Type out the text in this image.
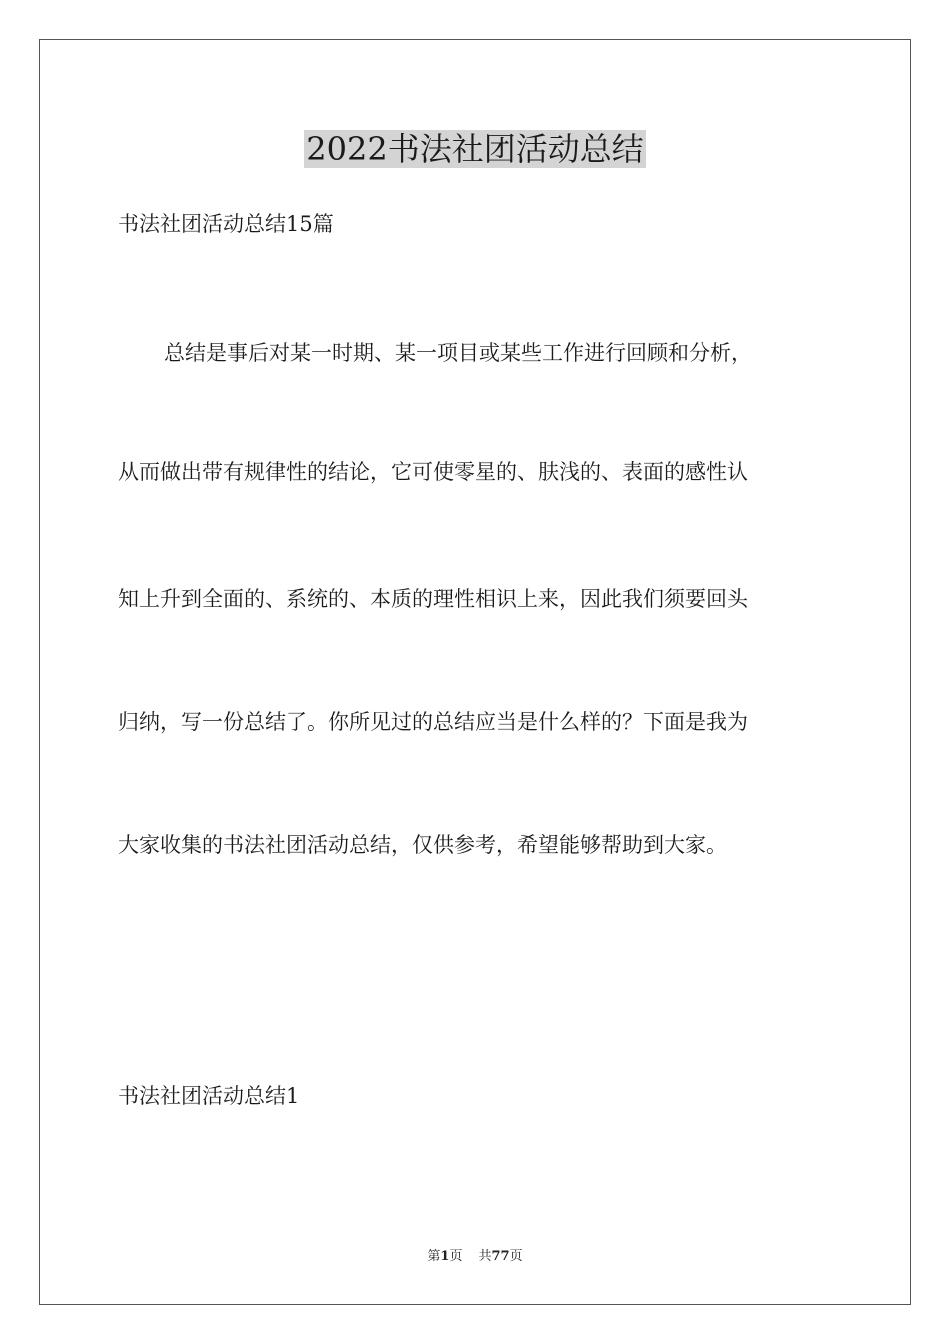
2022书法社团活动总结

书法社团活动总结15篇

总结是事后对某一时期、某一项目或某些工作进行回顾和分析，

从而做出带有规律性的结论，它可使零星的、肤浅的、表面的感性认

知上升到全面的、系统的、本质的理性相识上来，因此我们须要回头

归纳，写一份总结了。你所见过的总结应当是什么样的？下面是我为

大家收集的书法社团活动总结，仅供参考，希望能够帮助到大家。

书法社团活动总结1

第1页 共77页
